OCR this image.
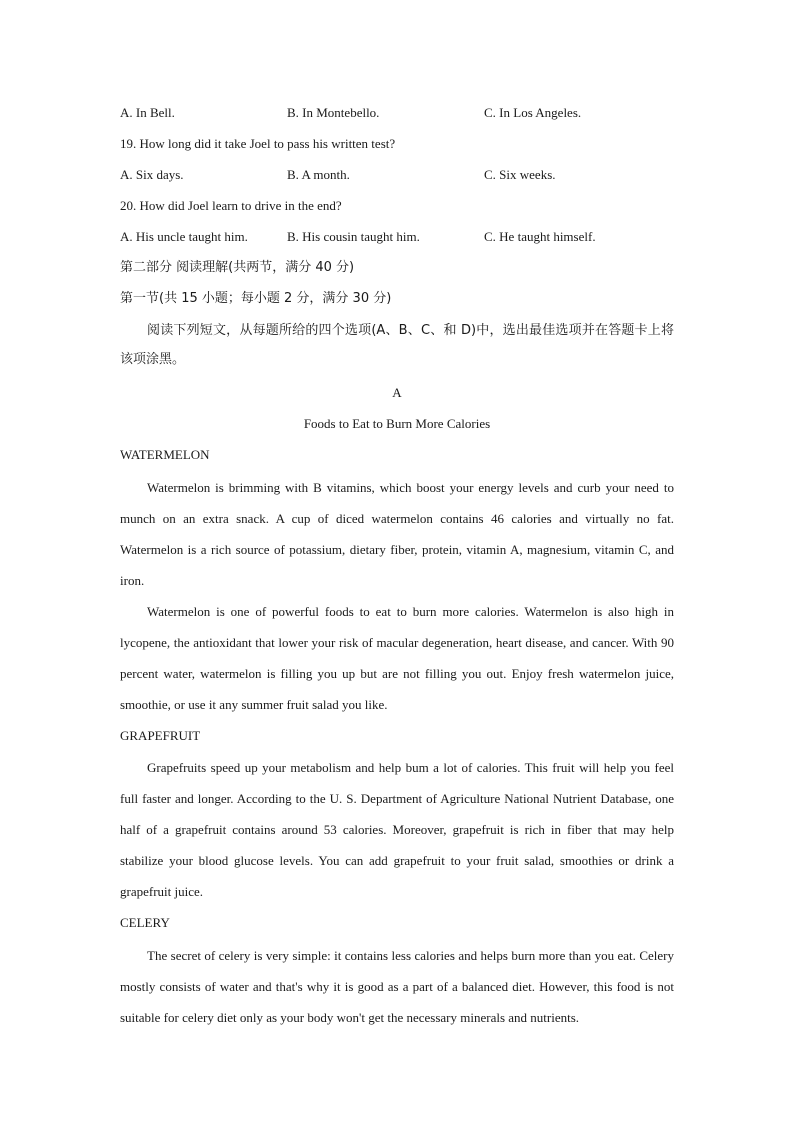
A. In Bell.	B. In Montebello.	C. In Los Angeles.
19. How long did it take Joel to pass his written test?
A. Six days.	B. A month.	C. Six weeks.
20. How did Joel learn to drive in the end?
A. His uncle taught him.	B. His cousin taught him.	C. He taught himself.
第二部分 阅读理解(共两节，满分 40 分)
第一节(共 15 小题；每小题 2 分，满分 30 分)

阅读下列短文，从每题所给的四个选项(A、B、C、和 D)中，选出最佳选项并在答题卡上将该项涂黑。

A
Foods to Eat to Burn More Calories
WATERMELON

Watermelon is brimming with B vitamins, which boost your energy levels and curb your need to munch on an extra snack. A cup of diced watermelon contains 46 calories and virtually no fat. Watermelon is a rich source of potassium, dietary fiber, protein, vitamin A, magnesium, vitamin C, and iron.

Watermelon is one of powerful foods to eat to burn more calories. Watermelon is also high in lycopene, the antioxidant that lower your risk of macular degeneration, heart disease, and cancer. With 90 percent water, watermelon is filling you up but are not filling you out. Enjoy fresh watermelon juice, smoothie, or use it any summer fruit salad you like.

GRAPEFRUIT

Grapefruits speed up your metabolism and help bum a lot of calories. This fruit will help you feel full faster and longer. According to the U. S. Department of Agriculture National Nutrient Database, one half of a grapefruit contains around 53 calories. Moreover, grapefruit is rich in fiber that may help stabilize your blood glucose levels. You can add grapefruit to your fruit salad, smoothies or drink a grapefruit juice.

CELERY

The secret of celery is very simple: it contains less calories and helps burn more than you eat. Celery mostly consists of water and that's why it is good as a part of a balanced diet. However, this food is not suitable for celery diet only as your body won't get the necessary minerals and nutrients.
